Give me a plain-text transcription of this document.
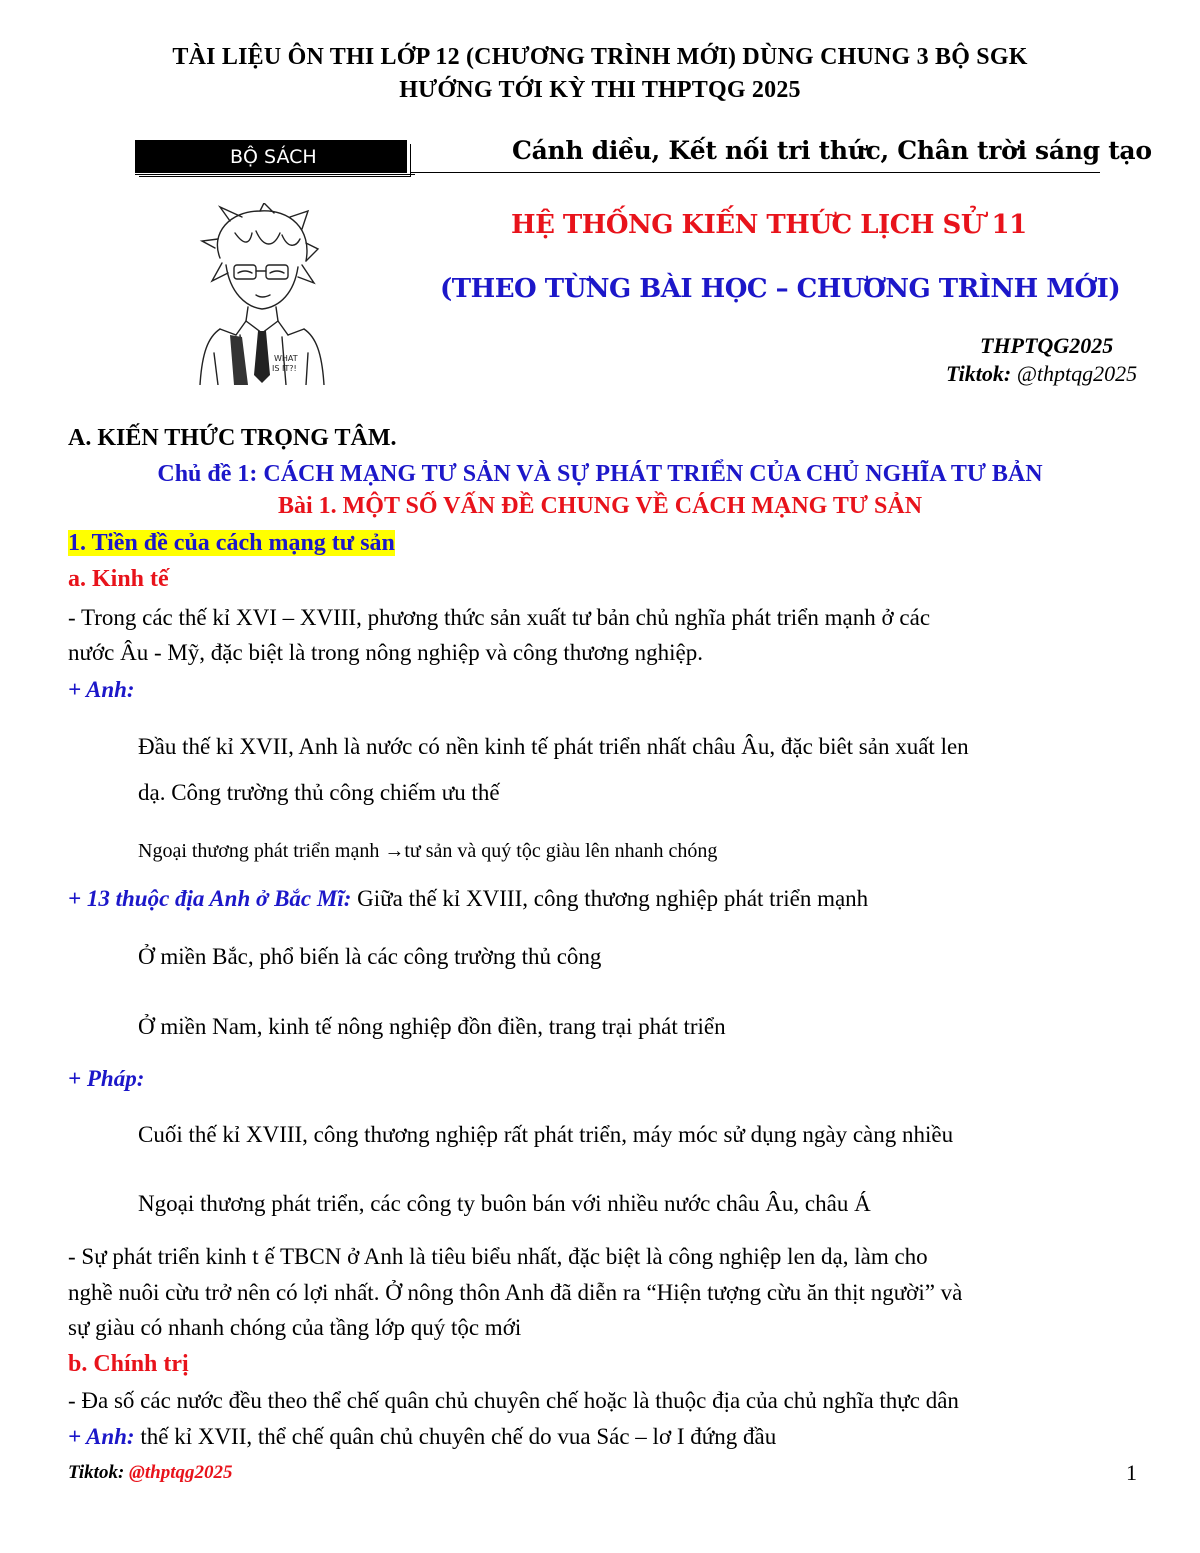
TÀI LIỆU ÔN THI LỚP 12 (CHƯƠNG TRÌNH MỚI) DÙNG CHUNG 3 BỘ SGK
HƯỚNG TỚI KỲ THI THPTQG 2025
BỘ SÁCH	Cánh diều, Kết nối tri thức, Chân trời sáng tạo
WHAT
IS IT?!
HỆ THỐNG KIẾN THỨC LỊCH SỬ 11
(THEO TỪNG BÀI HỌC – CHƯƠNG TRÌNH MỚI)
THPTQG2025
Tiktok: @thptqg2025
A. KIẾN THỨC TRỌNG TÂM.
Chủ đề 1: CÁCH MẠNG TƯ SẢN VÀ SỰ PHÁT TRIỂN CỦA CHỦ NGHĨA TƯ BẢN
Bài 1. MỘT SỐ VẤN ĐỀ CHUNG VỀ CÁCH MẠNG TƯ SẢN
1. Tiền đề của cách mạng tư sản
a. Kinh tế
- Trong các thế kỉ XVI – XVIII, phương thức sản xuất tư bản chủ nghĩa phát triển mạnh ở các
nước Âu - Mỹ, đặc biệt là trong nông nghiệp và công thương nghiệp.
+ Anh:
Đầu thế kỉ XVII, Anh là nước có nền kinh tế phát triển nhất châu Âu, đặc biêt sản xuất len
dạ. Công trường thủ công chiếm ưu thế
Ngoại thương phát triển mạnh →tư sản và quý tộc giàu lên nhanh chóng
+ 13 thuộc địa Anh ở Bắc Mĩ: Giữa thế kỉ XVIII, công thương nghiệp phát triển mạnh
Ở miền Bắc, phổ biến là các công trường thủ công
Ở miền Nam, kinh tế nông nghiệp đồn điền, trang trại phát triển
+ Pháp:
Cuối thế kỉ XVIII, công thương nghiệp rất phát triển, máy móc sử dụng ngày càng nhiều
Ngoại thương phát triển, các công ty buôn bán với nhiều nước châu Âu, châu Á
- Sự phát triển kinh t ế TBCN ở Anh là tiêu biểu nhất, đặc biệt là công nghiệp len dạ, làm cho
nghề nuôi cừu trở nên có lợi nhất. Ở nông thôn Anh đã diễn ra “Hiện tượng cừu ăn thịt người” và
sự giàu có nhanh chóng của tầng lớp quý tộc mới
b. Chính trị
- Đa số các nước đều theo thể chế quân chủ chuyên chế hoặc là thuộc địa của chủ nghĩa thực dân
+ Anh: thế kỉ XVII, thể chế quân chủ chuyên chế do vua Sác – lơ I đứng đầu
Tiktok: @thptqg2025	1
